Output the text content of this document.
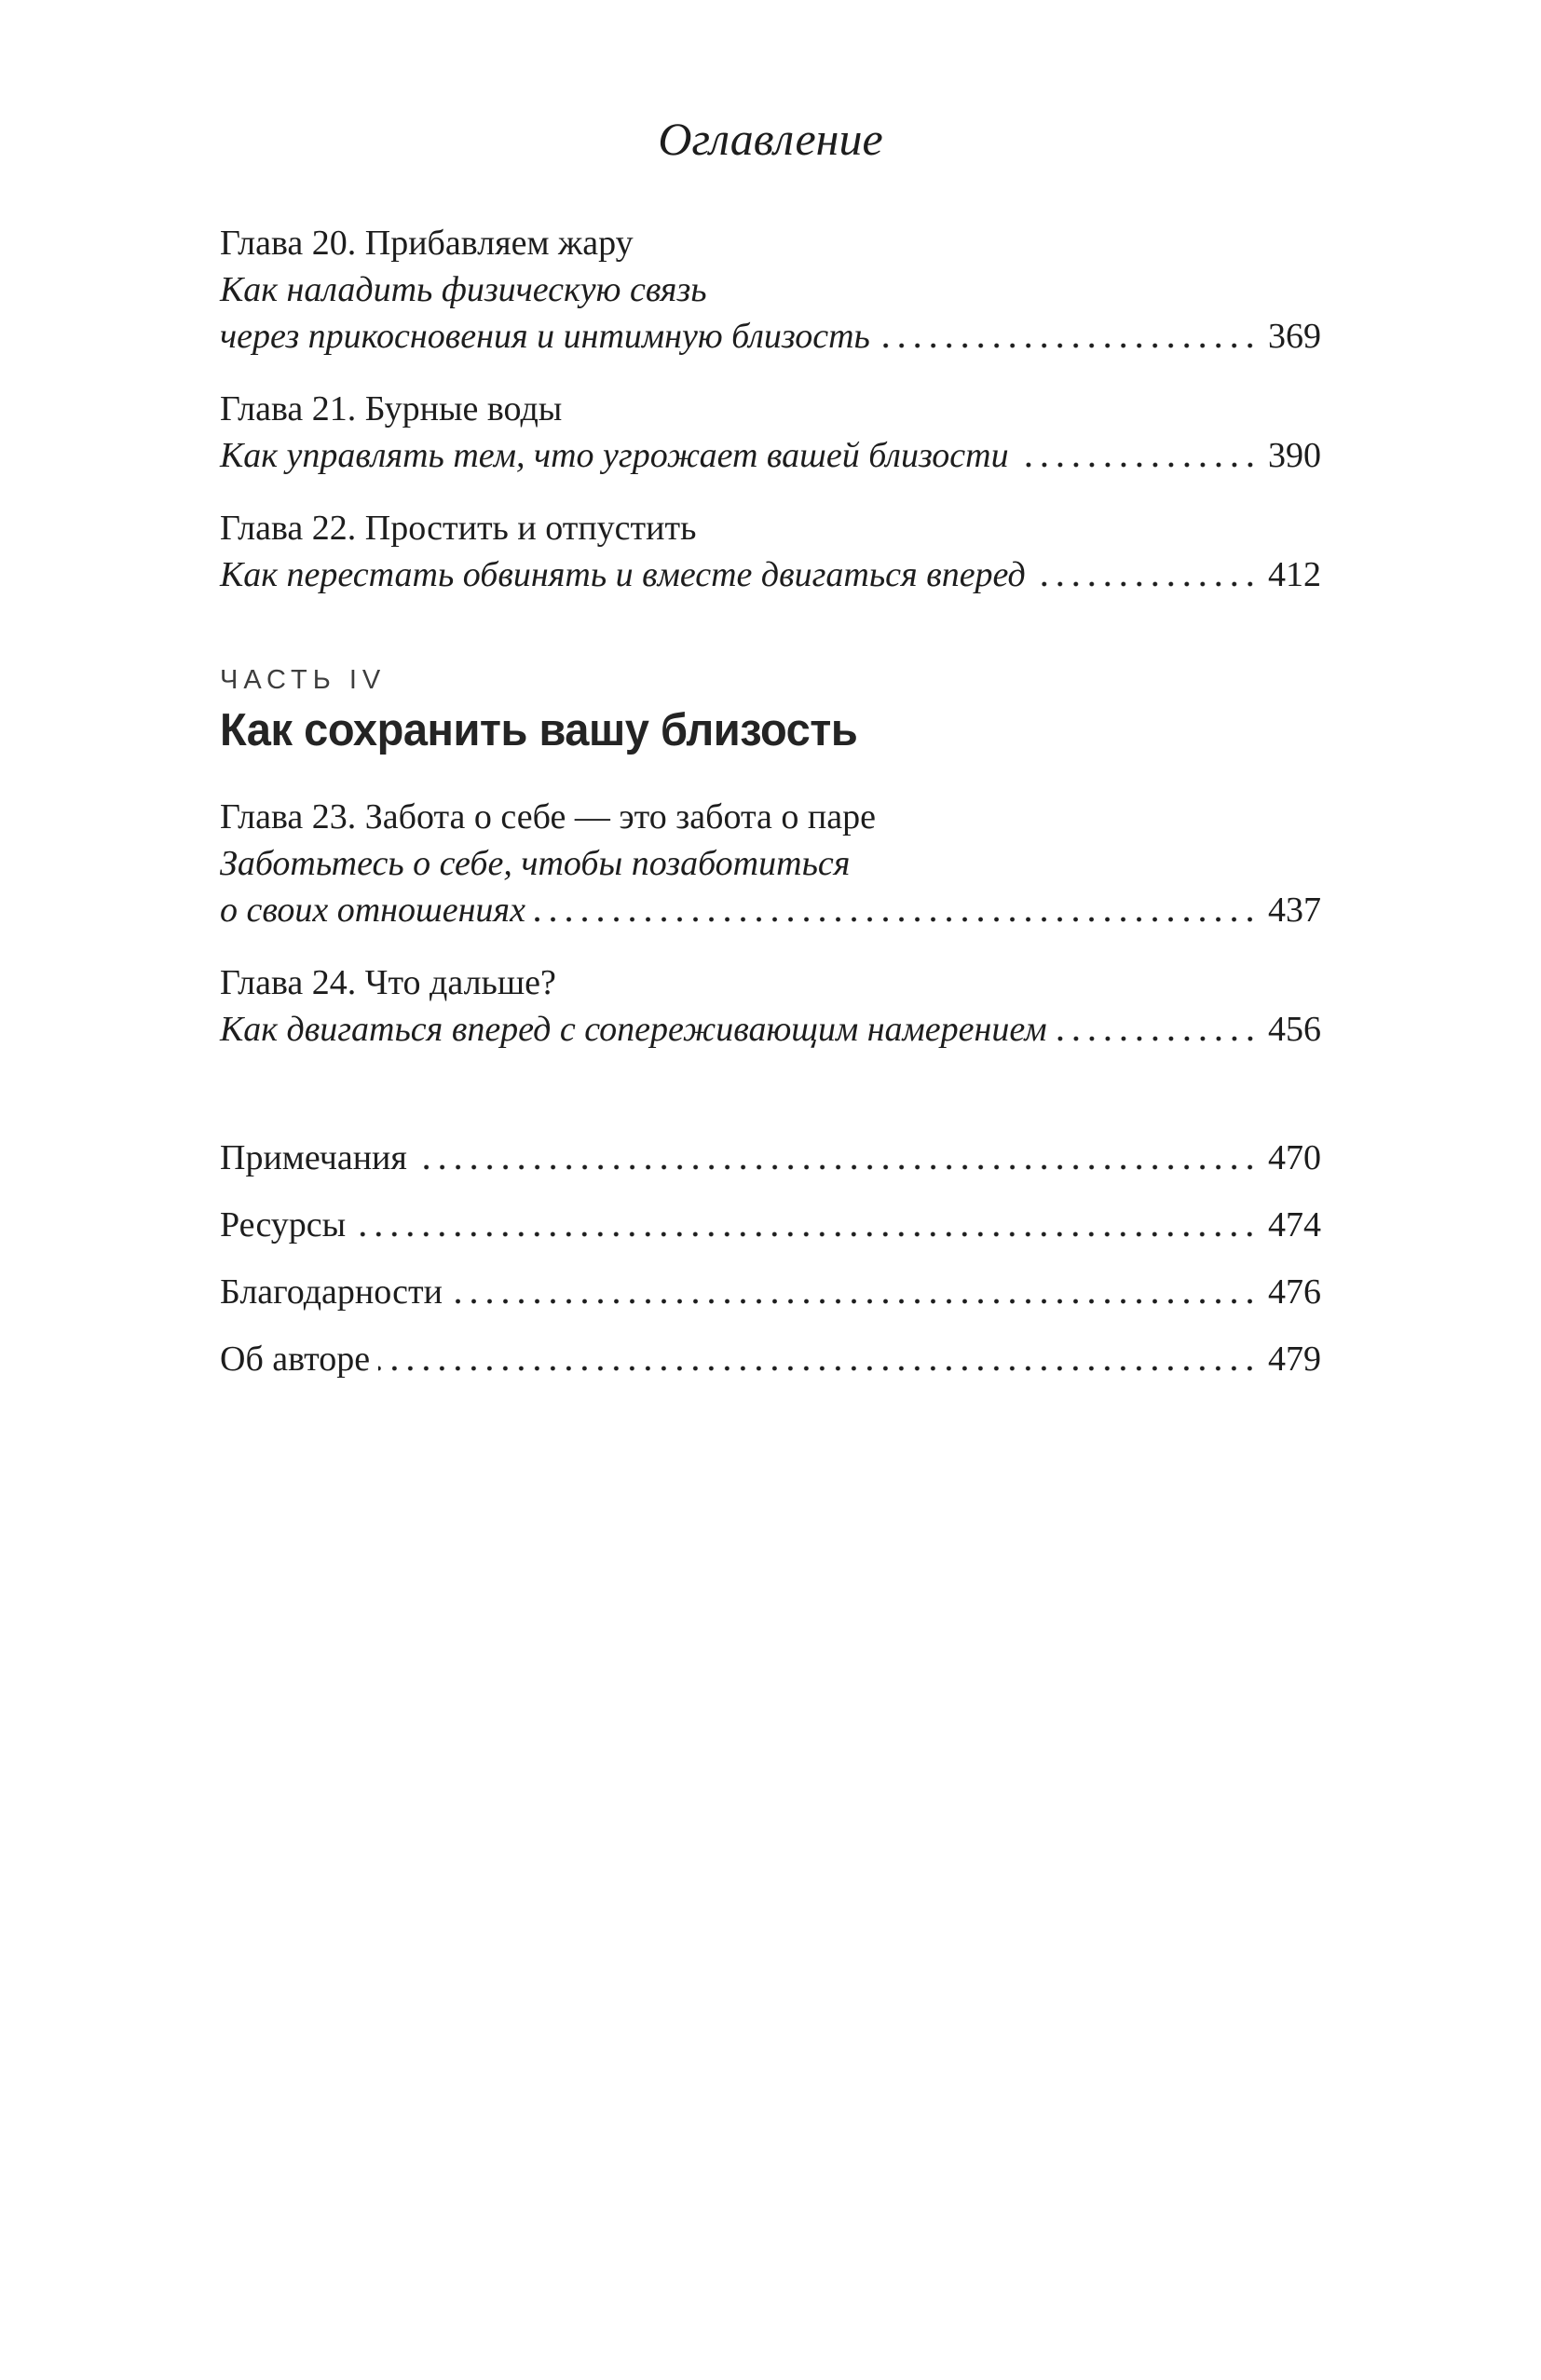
Оглавление
Глава 20. Прибавляем жару
Как наладить физическую связь
через прикосновения и интимную близость	369
Глава 21. Бурные воды
Как управлять тем, что угрожает вашей близости	390
Глава 22. Простить и отпустить
Как перестать обвинять и вместе двигаться вперед	412
ЧАСТЬ IV
Как сохранить вашу близость
Глава 23. Забота о себе — это забота о паре
Заботьтесь о себе, чтобы позаботиться
о своих отношениях	437
Глава 24. Что дальше?
Как двигаться вперед с сопереживающим намерением	456
Примечания	470
Ресурсы	474
Благодарности	476
Об авторе	479
